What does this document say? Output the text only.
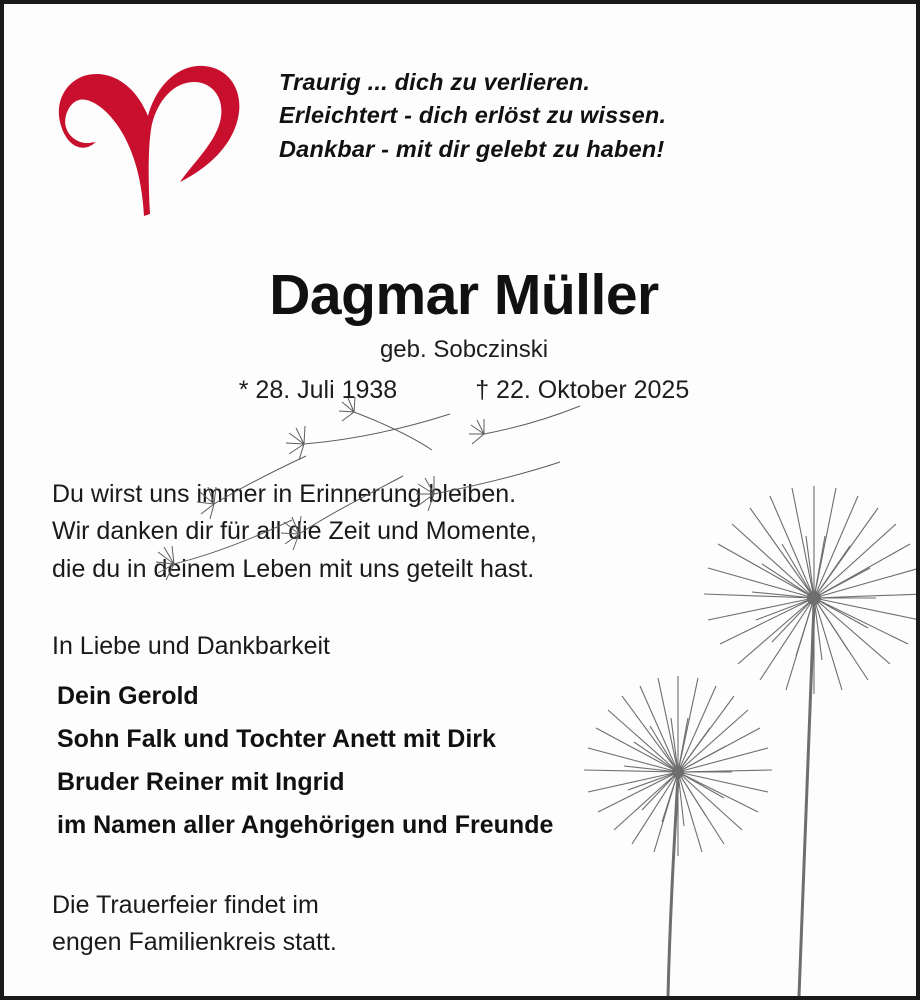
Traurig ... dich zu verlieren.
Erleichtert - dich erlöst zu wissen.
Dankbar - mit dir gelebt zu haben!
Dagmar Müller
geb. Sobczinski
* 28. Juli 1938	† 22. Oktober 2025
Du wirst uns immer in Erinnerung bleiben.
Wir danken dir für all die Zeit und Momente,
die du in deinem Leben mit uns geteilt hast.
In Liebe und Dankbarkeit
Dein Gerold
Sohn Falk und Tochter Anett mit Dirk
Bruder Reiner mit Ingrid
im Namen aller Angehörigen und Freunde
Die Trauerfeier findet im
engen Familienkreis statt.
